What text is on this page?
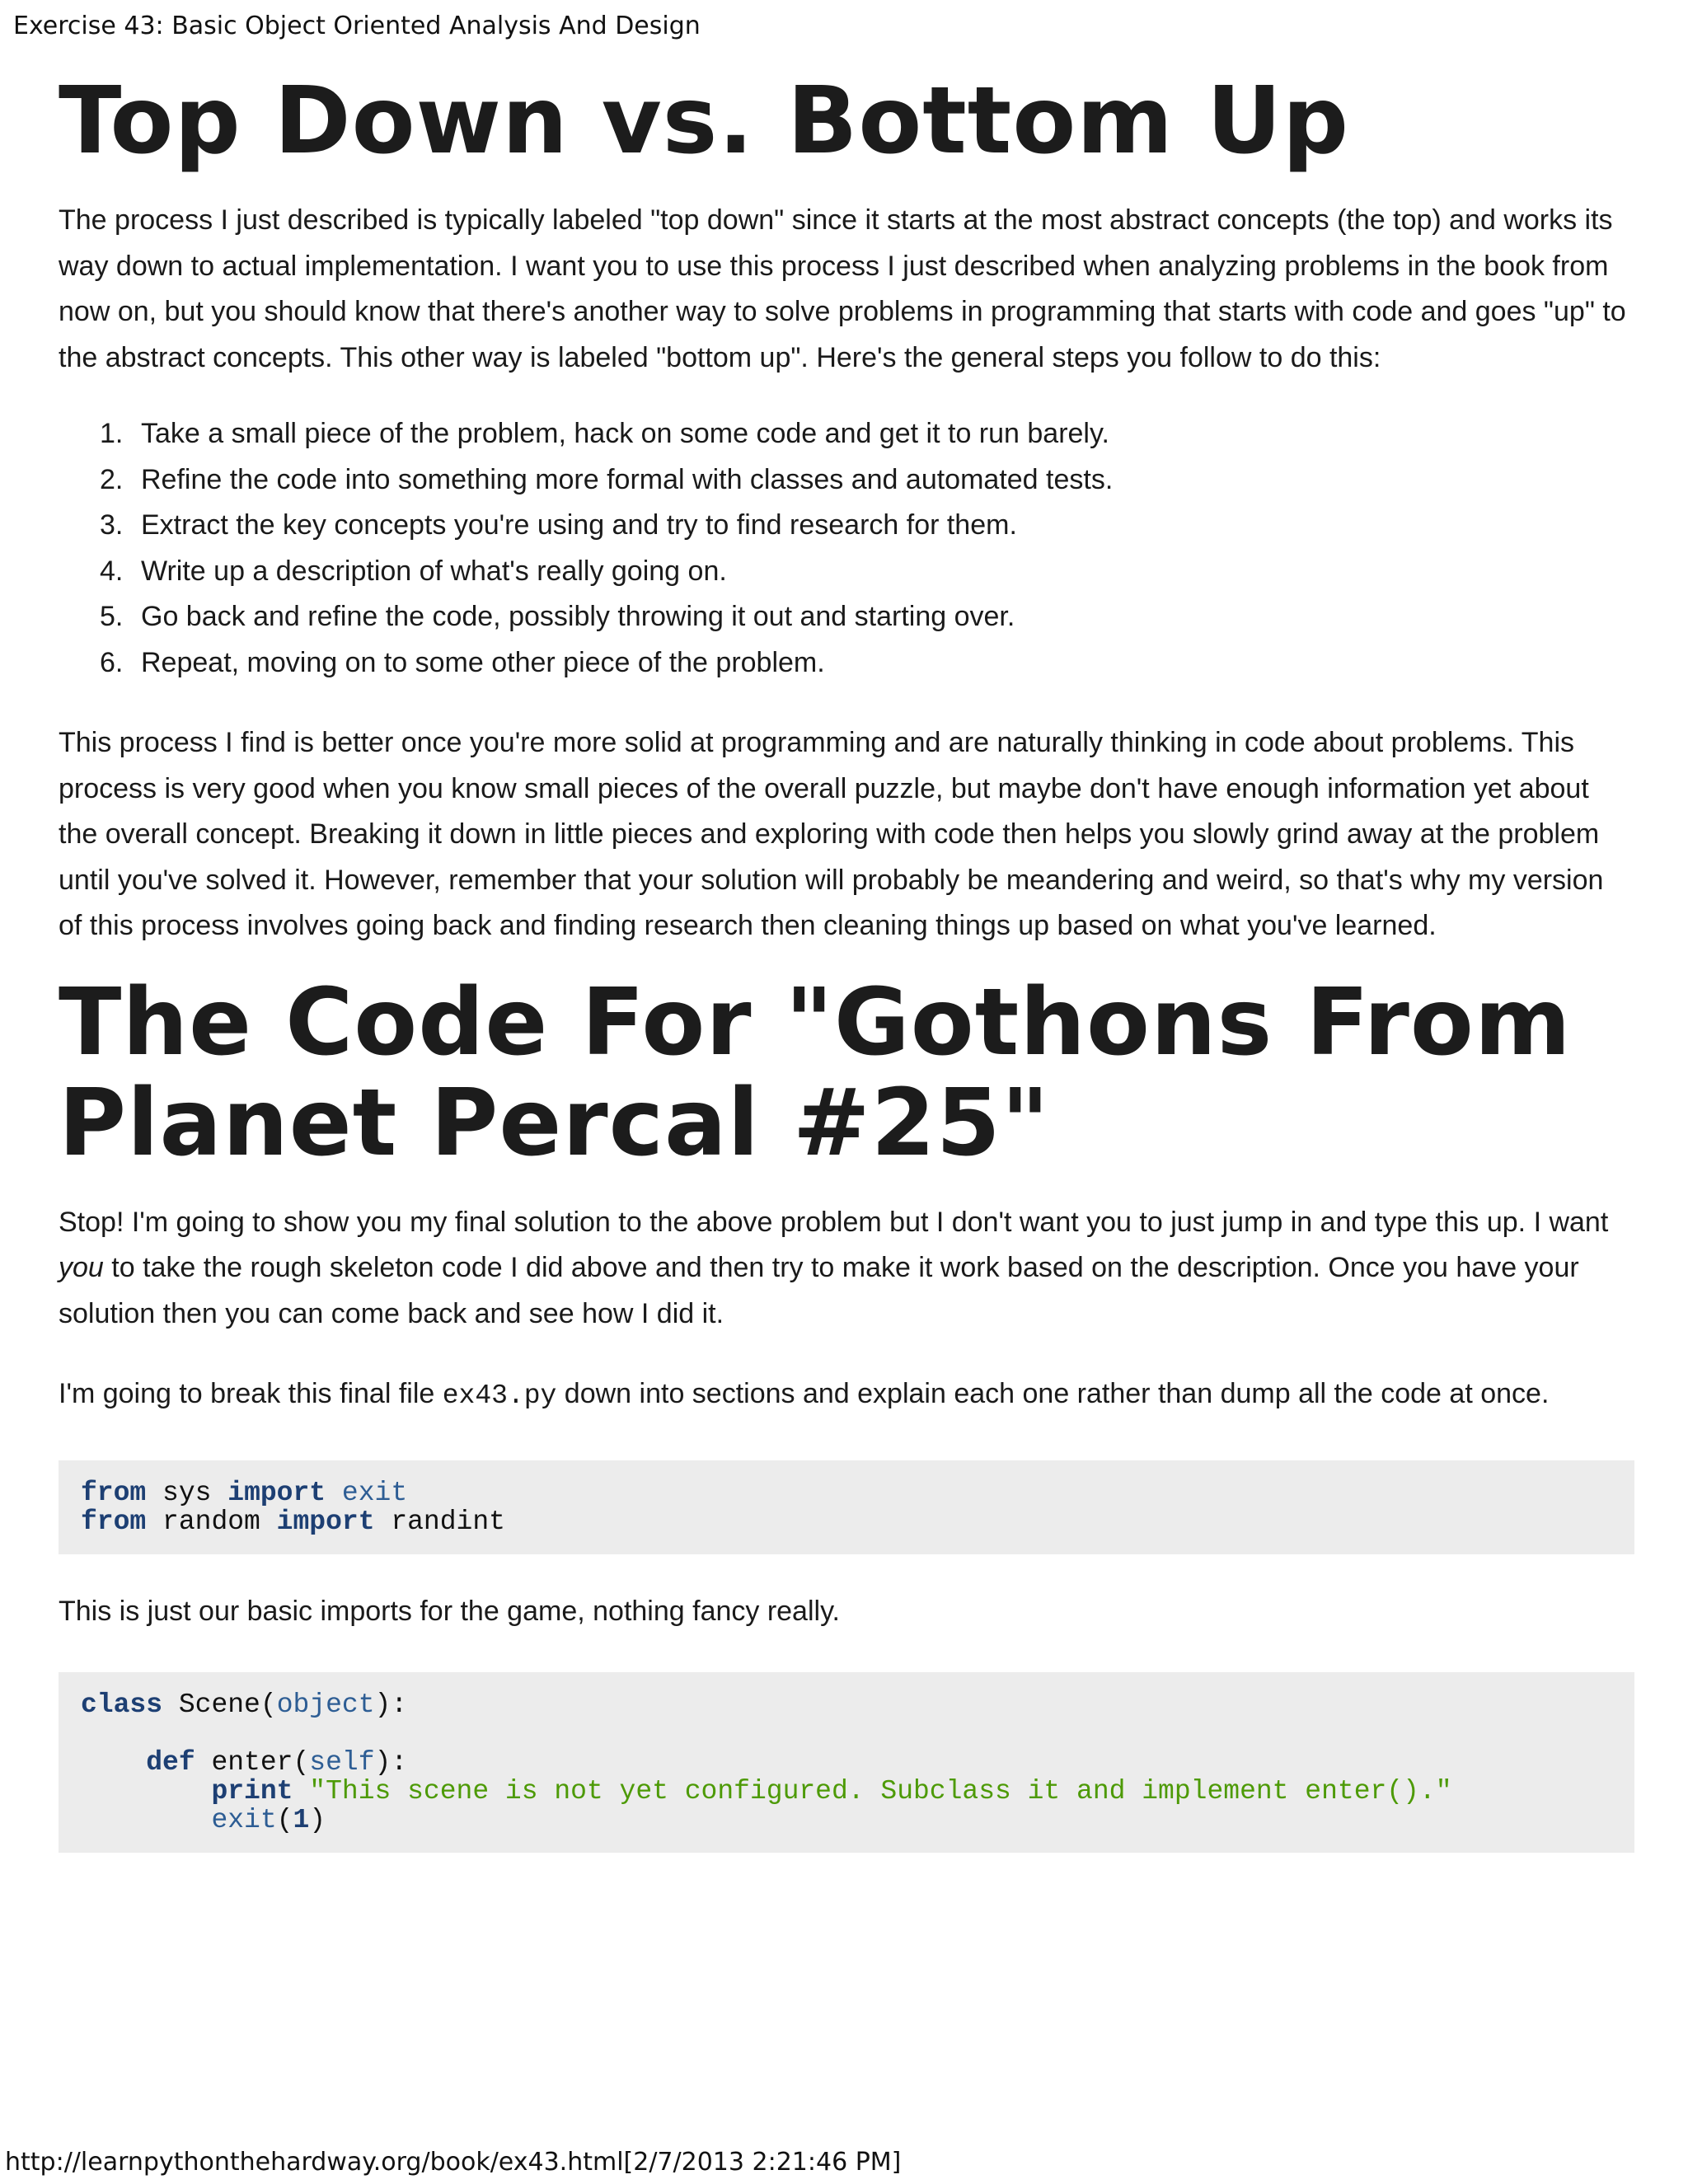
Exercise 43: Basic Object Oriented Analysis And Design
Top Down vs. Bottom Up

The process I just described is typically labeled "top down" since it starts at the most abstract concepts (the top) and works its way down to actual implementation. I want you to use this process I just described when analyzing problems in the book from now on, but you should know that there's another way to solve problems in programming that starts with code and goes "up" to the abstract concepts. This other way is labeled "bottom up". Here's the general steps you follow to do this:

1. Take a small piece of the problem, hack on some code and get it to run barely.
2. Refine the code into something more formal with classes and automated tests.
3. Extract the key concepts you're using and try to find research for them.
4. Write up a description of what's really going on.
5. Go back and refine the code, possibly throwing it out and starting over.
6. Repeat, moving on to some other piece of the problem.

This process I find is better once you're more solid at programming and are naturally thinking in code about problems. This process is very good when you know small pieces of the overall puzzle, but maybe don't have enough information yet about the overall concept. Breaking it down in little pieces and exploring with code then helps you slowly grind away at the problem until you've solved it. However, remember that your solution will probably be meandering and weird, so that's why my version of this process involves going back and finding research then cleaning things up based on what you've learned.

The Code For "Gothons From Planet Percal #25"

Stop! I'm going to show you my final solution to the above problem but I don't want you to just jump in and type this up. I want you to take the rough skeleton code I did above and then try to make it work based on the description. Once you have your solution then you can come back and see how I did it.

I'm going to break this final file ex43.py down into sections and explain each one rather than dump all the code at once.

from sys import exit
from random import randint

This is just our basic imports for the game, nothing fancy really.

class Scene(object):

def enter(self):
print "This scene is not yet configured. Subclass it and implement enter()."
exit(1)
http://learnpythonthehardway.org/book/ex43.html[2/7/2013 2:21:46 PM]
